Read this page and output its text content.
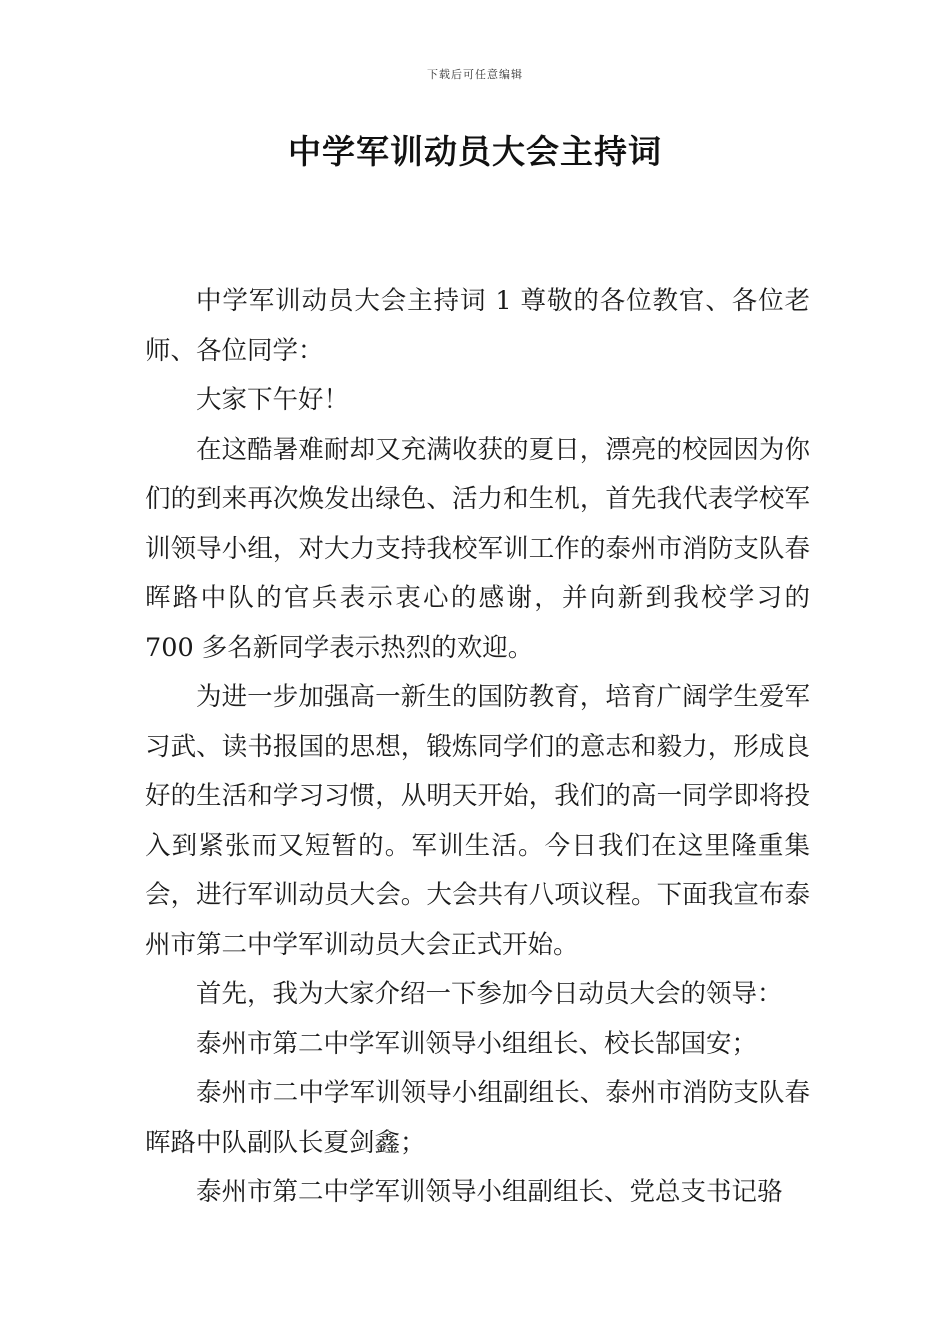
下载后可任意编辑
中学军训动员大会主持词

中学军训动员大会主持词 1 尊敬的各位教官、各位老师、各位同学：

大家下午好！

在这酷暑难耐却又充满收获的夏日，漂亮的校园因为你们的到来再次焕发出绿色、活力和生机，首先我代表学校军训领导小组，对大力支持我校军训工作的泰州市消防支队春晖路中队的官兵表示衷心的感谢，并向新到我校学习的 700 多名新同学表示热烈的欢迎。

为进一步加强高一新生的国防教育，培育广阔学生爱军习武、读书报国的思想，锻炼同学们的意志和毅力，形成良好的生活和学习习惯，从明天开始，我们的高一同学即将投入到紧张而又短暂的。军训生活。今日我们在这里隆重集会，进行军训动员大会。大会共有八项议程。下面我宣布泰州市第二中学军训动员大会正式开始。

首先，我为大家介绍一下参加今日动员大会的领导：

泰州市第二中学军训领导小组组长、校长郜国安；

泰州市二中学军训领导小组副组长、泰州市消防支队春晖路中队副队长夏剑鑫；

泰州市第二中学军训领导小组副组长、党总支书记骆
